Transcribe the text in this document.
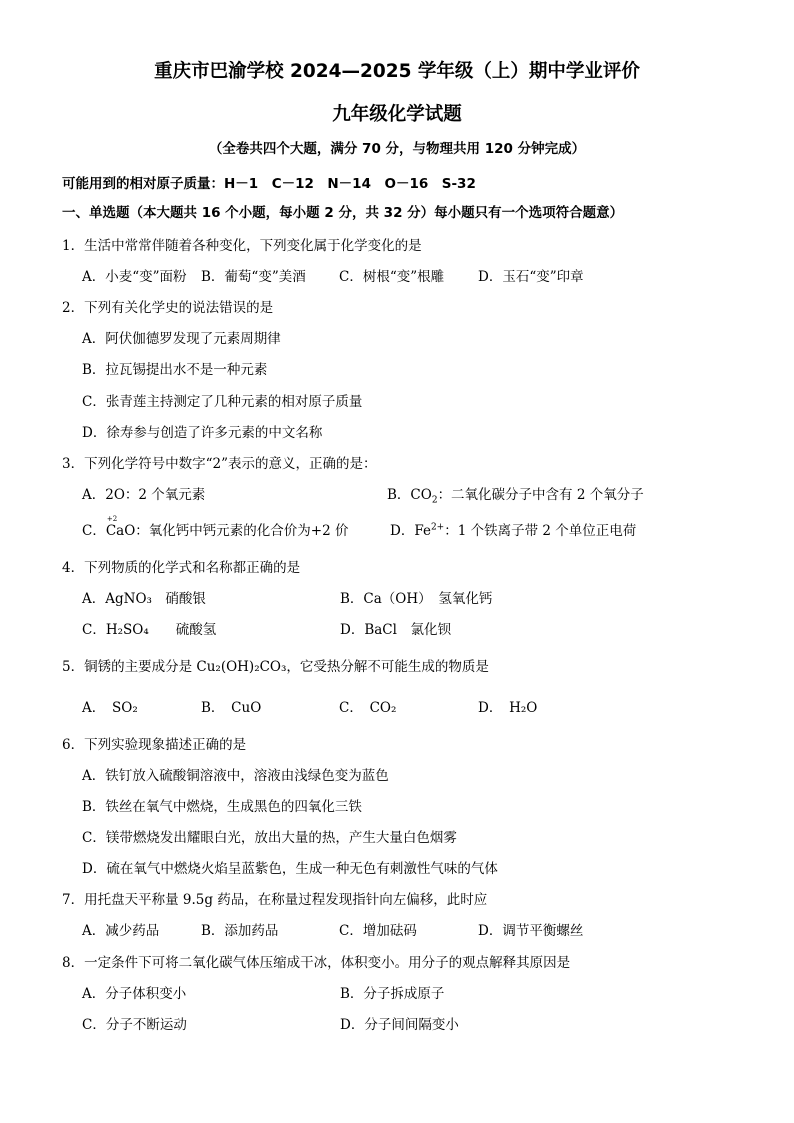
重庆市巴渝学校 2024—2025 学年级（上）期中学业评价
九年级化学试题
（全卷共四个大题，满分 70 分，与物理共用 120 分钟完成）
可能用到的相对原子质量：H－1　C－12　N－14　O－16　S-32
一、单选题（本大题共 16 个小题，每小题 2 分，共 32 分）每小题只有一个选项符合题意）
1．生活中常常伴随着各种变化，下列变化属于化学变化的是
A．小麦“变”面粉 B．葡萄“变”美酒 C．树根“变”根雕	D．玉石“变”印章
2．下列有关化学史的说法错误的是
A．阿伏伽德罗发现了元素周期律
B．拉瓦锡提出水不是一种元素
C．张青莲主持测定了几种元素的相对原子质量
D．徐寿参与创造了许多元素的中文名称
3．下列化学符号中数字“2”表示的意义，正确的是：
A．2O：2 个氧元素	B．$CO_2$：二氧化碳分子中含有 2 个氧分子
C．
+2
CaO：氧化钙中钙元素的化合价为+2 价	D．$Fe^{2+}$：1 个铁离子带 2 个单位正电荷
4．下列物质的化学式和名称都正确的是
A．AgNO₃　硝酸银	B．Ca（OH）　氢氧化钙
C．H₂SO₄　　硫酸氢	D．BaCl　氯化钡
5．铜锈的主要成分是 Cu₂(OH)₂CO₃，它受热分解不可能生成的物质是
A．　SO₂	B．　CuO	C．　CO₂	D．　H₂O
6．下列实验现象描述正确的是
A．铁钉放入硫酸铜溶液中，溶液由浅绿色变为蓝色
B．铁丝在氧气中燃烧，生成黑色的四氧化三铁
C．镁带燃烧发出耀眼白光，放出大量的热，产生大量白色烟雾
D．硫在氧气中燃烧火焰呈蓝紫色，生成一种无色有刺激性气味的气体
7．用托盘天平称量 9.5g 药品，在称量过程发现指针向左偏移，此时应
A．减少药品	B．添加药品	C．增加砝码	D．调节平衡螺丝
8．一定条件下可将二氧化碳气体压缩成干冰，体积变小。用分子的观点解释其原因是
A．分子体积变小	B．分子拆成原子
C．分子不断运动	D．分子间间隔变小
